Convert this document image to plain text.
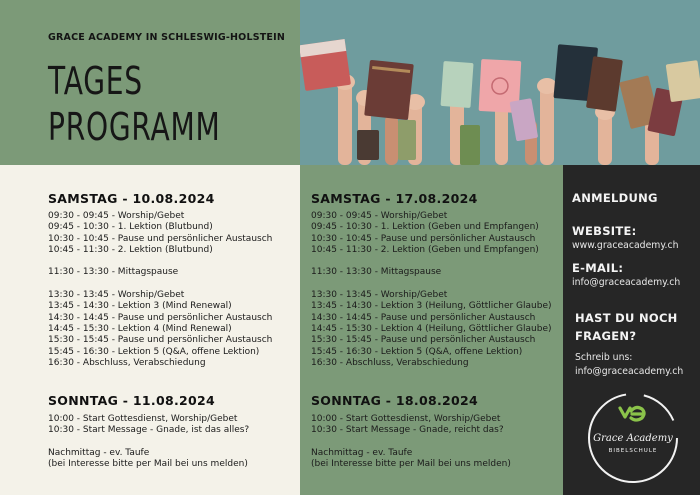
GRACE ACADEMY IN SCHLESWIG-HOLSTEIN
TAGES
PROGRAMM
SAMSTAG - 10.08.2024
09:30 - 09:45 - Worship/Gebet
09:45 - 10:30 - 1. Lektion (Blutbund)
10:30 - 10:45 - Pause und persönlicher Austausch
10:45 - 11:30 - 2. Lektion (Blutbund)
11:30 - 13:30 - Mittagspause
13:30 - 13:45 - Worship/Gebet
13:45 - 14:30 - Lektion 3 (Mind Renewal)
14:30 - 14:45 - Pause und persönlicher Austausch
14:45 - 15:30 - Lektion 4 (Mind Renewal)
15:30 - 15:45 - Pause und persönlicher Austausch
15:45 - 16:30 - Lektion 5 (Q&A, offene Lektion)
16:30 - Abschluss, Verabschiedung
SONNTAG - 11.08.2024
10:00 - Start Gottesdienst, Worship/Gebet
10:30 - Start Message - Gnade, ist das alles?
Nachmittag - ev. Taufe
(bei Interesse bitte per Mail bei uns melden)
SAMSTAG - 17.08.2024
09:30 - 09:45 - Worship/Gebet
09:45 - 10:30 - 1. Lektion (Geben und Empfangen)
10:30 - 10:45 - Pause und persönlicher Austausch
10:45 - 11:30 - 2. Lektion (Geben und Empfangen)
11:30 - 13:30 - Mittagspause
13:30 - 13:45 - Worship/Gebet
13:45 - 14:30 - Lektion 3 (Heilung, Göttlicher Glaube)
14:30 - 14:45 - Pause und persönlicher Austausch
14:45 - 15:30 - Lektion 4 (Heilung, Göttlicher Glaube)
15:30 - 15:45 - Pause und persönlicher Austausch
15:45 - 16:30 - Lektion 5 (Q&A, offene Lektion)
16:30 - Abschluss, Verabschiedung
SONNTAG - 18.08.2024
10:00 - Start Gottesdienst, Worship/Gebet
10:30 - Start Message - Gnade, reicht das?
Nachmittag - ev. Taufe
(bei Interesse bitte per Mail bei uns melden)
ANMELDUNG
WEBSITE:
www.graceacademy.ch
E-MAIL:
info@graceacademy.ch
HAST DU NOCH
FRAGEN?
Schreib uns:
info@graceacademy.ch
Grace Academy
BIBELSCHULE
